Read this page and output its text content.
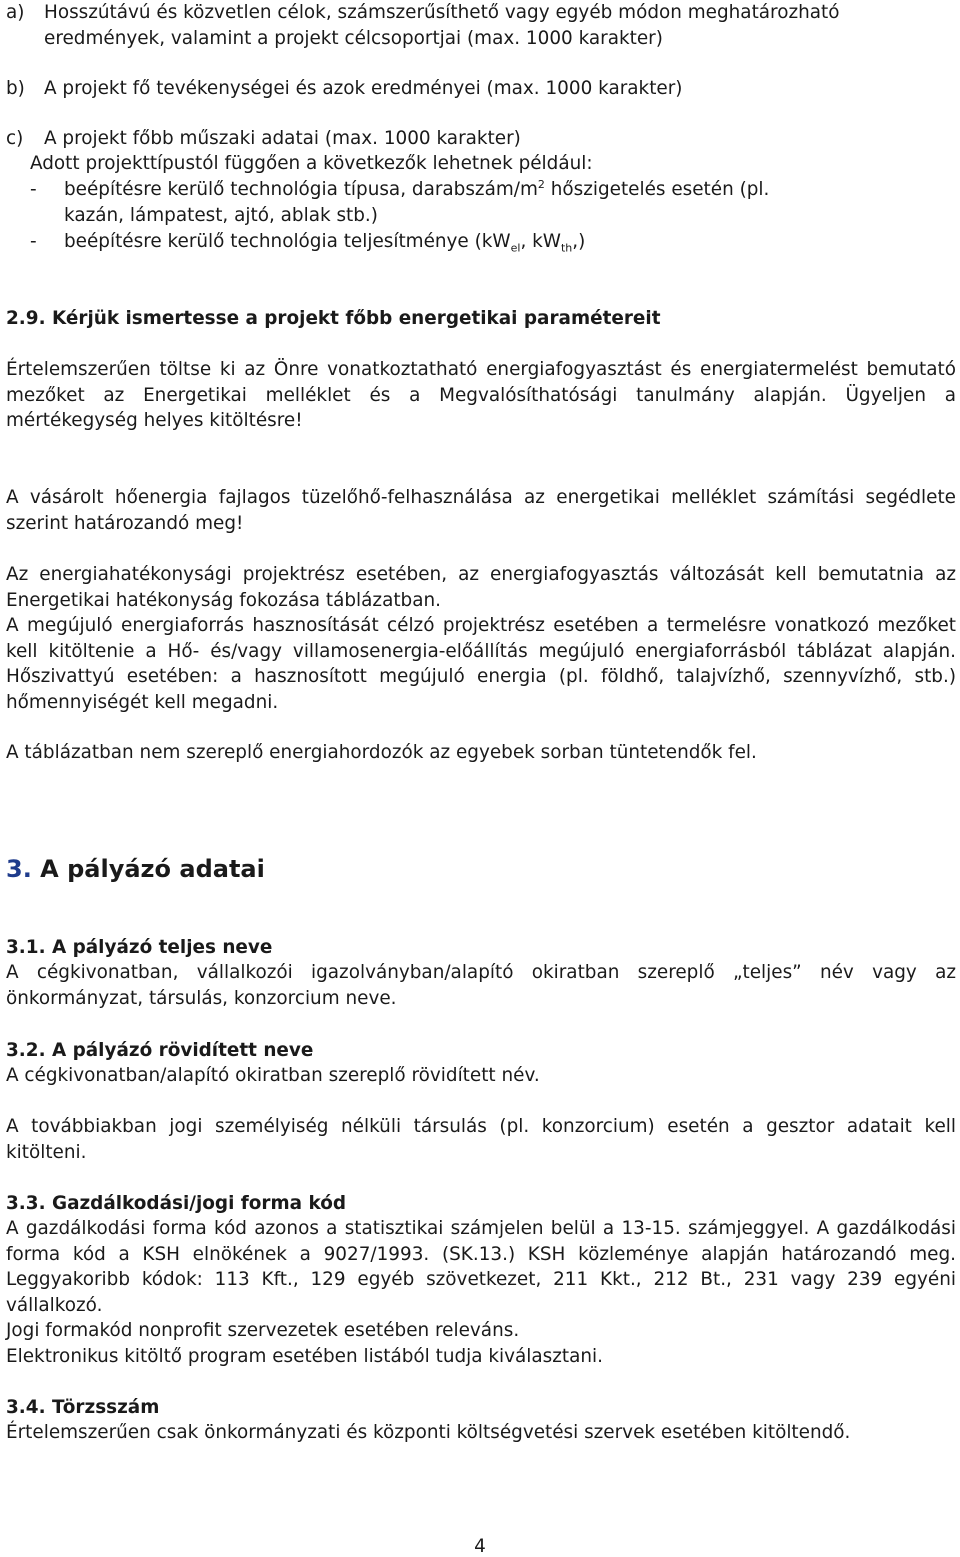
a)	Hosszútávú és közvetlen célok, számszerűsíthető vagy egyéb módon meghatározható
eredmények, valamint a projekt célcsoportjai (max. 1000 karakter)
b)	A projekt fő tevékenységei és azok eredményei (max. 1000 karakter)
c)	A projekt főbb műszaki adatai (max. 1000 karakter)
Adott projekttípustól függően a következők lehetnek például:
-	beépítésre kerülő technológia típusa, darabszám/$m^2$ hőszigetelés esetén (pl.
kazán, lámpatest, ajtó, ablak stb.)
-	beépítésre kerülő technológia teljesítménye ($kW_{el}$, $kW_{th}$,)
2.9. Kérjük ismertesse a projekt főbb energetikai paramétereit
Értelemszerűen töltse ki az Önre vonatkoztatható energiafogyasztást és energiatermelést bemutató mezőket az Energetikai melléklet és a Megvalósíthatósági tanulmány alapján. Ügyeljen a mértékegység helyes kitöltésre!
A vásárolt hőenergia fajlagos tüzelőhő-felhasználása az energetikai melléklet számítási segédlete szerint határozandó meg!
Az energiahatékonysági projektrész esetében, az energiafogyasztás változását kell bemutatnia az Energetikai hatékonyság fokozása táblázatban.
A megújuló energiaforrás hasznosítását célzó projektrész esetében a termelésre vonatkozó mezőket kell kitöltenie a Hő- és/vagy villamosenergia-előállítás megújuló energiaforrásból táblázat alapján. Hőszivattyú esetében: a hasznosított megújuló energia (pl. földhő, talajvízhő, szennyvízhő, stb.) hőmennyiségét kell megadni.
A táblázatban nem szereplő energiahordozók az egyebek sorban tüntetendők fel.
3. A pályázó adatai
3.1. A pályázó teljes neve
A cégkivonatban, vállalkozói igazolványban/alapító okiratban szereplő „teljes” név vagy az önkormányzat, társulás, konzorcium neve.
3.2. A pályázó rövidített neve
A cégkivonatban/alapító okiratban szereplő rövidített név.
A továbbiakban jogi személyiség nélküli társulás (pl. konzorcium) esetén a gesztor adatait kell kitölteni.
3.3. Gazdálkodási/jogi forma kód
A gazdálkodási forma kód azonos a statisztikai számjelen belül a 13-15. számjeggyel. A gazdálkodási forma kód a KSH elnökének a 9027/1993. (SK.13.) KSH közleménye alapján határozandó meg. Leggyakoribb kódok: 113 Kft., 129 egyéb szövetkezet, 211 Kkt., 212 Bt., 231 vagy 239 egyéni vállalkozó.
Jogi formakód nonprofit szervezetek esetében releváns.
Elektronikus kitöltő program esetében listából tudja kiválasztani.
3.4. Törzsszám
Értelemszerűen csak önkormányzati és központi költségvetési szervek esetében kitöltendő.
4
